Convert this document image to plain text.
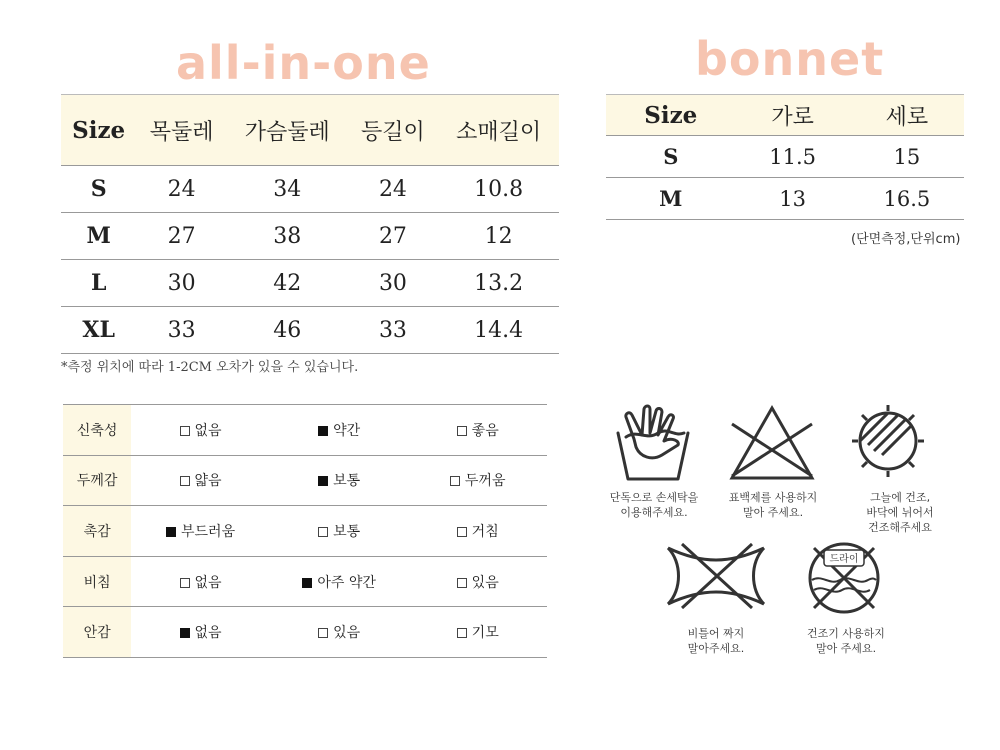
all-in-one	bonnet
Size	목둘레	가슴둘레	등길이	소매길이
S	24	34	24	10.8
M	27	38	27	12
L	30	42	30	13.2
XL	33	46	33	14.4
*측정 위치에 따라 1-2CM 오차가 있을 수 있습니다.
Size	가로	세로
S	11.5	15
M	13	16.5
(단면측정,단위cm)
신축성	없음	약간	좋음
두께감	얇음	보통	두꺼움
촉감	부드러움	보통	거침
비침	없음	아주 약간	있음
안감	없음	있음	기모
단독으로 손세탁을
이용해주세요.
표백제를 사용하지
말아 주세요.
그늘에 건조,
바닥에 뉘어서
건조해주세요
비틀어 짜지
말아주세요.
드라이
건조기 사용하지
말아 주세요.
